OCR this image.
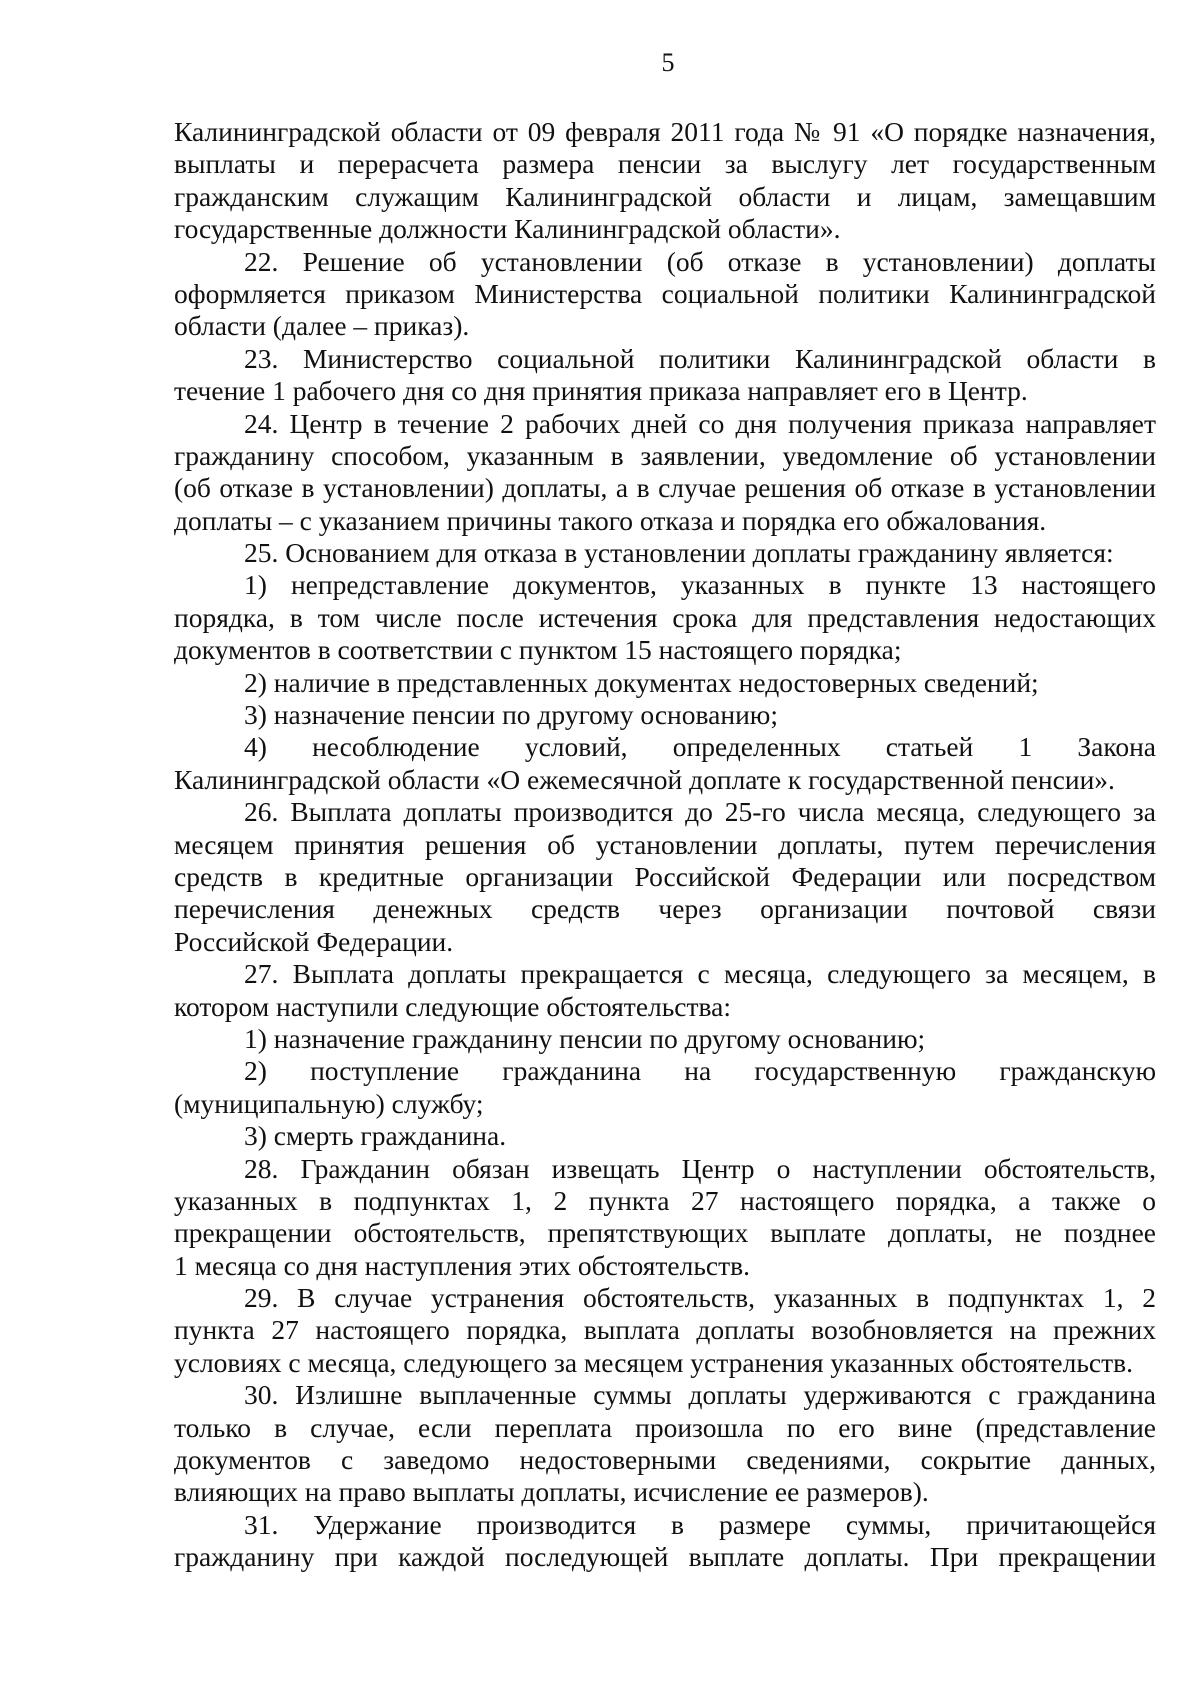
5
Калининградской области от 09 февраля 2011 года № 91 «О порядке назначения,
выплаты и перерасчета размера пенсии за выслугу лет государственным
гражданским служащим Калининградской области и лицам, замещавшим
государственные должности Калининградской области».
22. Решение об установлении (об отказе в установлении) доплаты
оформляется приказом Министерства социальной политики Калининградской
области (далее – приказ).
23. Министерство социальной политики Калининградской области в
течение 1 рабочего дня со дня принятия приказа направляет его в Центр.
24. Центр в течение 2 рабочих дней со дня получения приказа направляет
гражданину способом, указанным в заявлении, уведомление об установлении
(об отказе в установлении) доплаты, а в случае решения об отказе в установлении
доплаты – с указанием причины такого отказа и порядка его обжалования.
25. Основанием для отказа в установлении доплаты гражданину является:
1) непредставление документов, указанных в пункте 13 настоящего
порядка, в том числе после истечения срока для представления недостающих
документов в соответствии с пунктом 15 настоящего порядка;
2) наличие в представленных документах недостоверных сведений;
3) назначение пенсии по другому основанию;
4) несоблюдение условий, определенных статьей 1 Закона
Калининградской области «О ежемесячной доплате к государственной пенсии».
26. Выплата доплаты производится до 25-го числа месяца, следующего за
месяцем принятия решения об установлении доплаты, путем перечисления
средств в кредитные организации Российской Федерации или посредством
перечисления денежных средств через организации почтовой связи
Российской Федерации.
27. Выплата доплаты прекращается с месяца, следующего за месяцем, в
котором наступили следующие обстоятельства:
1) назначение гражданину пенсии по другому основанию;
2) поступление гражданина на государственную гражданскую
(муниципальную) службу;
3) смерть гражданина.
28. Гражданин обязан извещать Центр о наступлении обстоятельств,
указанных в подпунктах 1, 2 пункта 27 настоящего порядка, а также о
прекращении обстоятельств, препятствующих выплате доплаты, не позднее
1 месяца со дня наступления этих обстоятельств.
29. В случае устранения обстоятельств, указанных в подпунктах 1, 2
пункта 27 настоящего порядка, выплата доплаты возобновляется на прежних
условиях с месяца, следующего за месяцем устранения указанных обстоятельств.
30. Излишне выплаченные суммы доплаты удерживаются с гражданина
только в случае, если переплата произошла по его вине (представление
документов с заведомо недостоверными сведениями, сокрытие данных,
влияющих на право выплаты доплаты, исчисление ее размеров).
31. Удержание производится в размере суммы, причитающейся
гражданину при каждой последующей выплате доплаты. При прекращении
